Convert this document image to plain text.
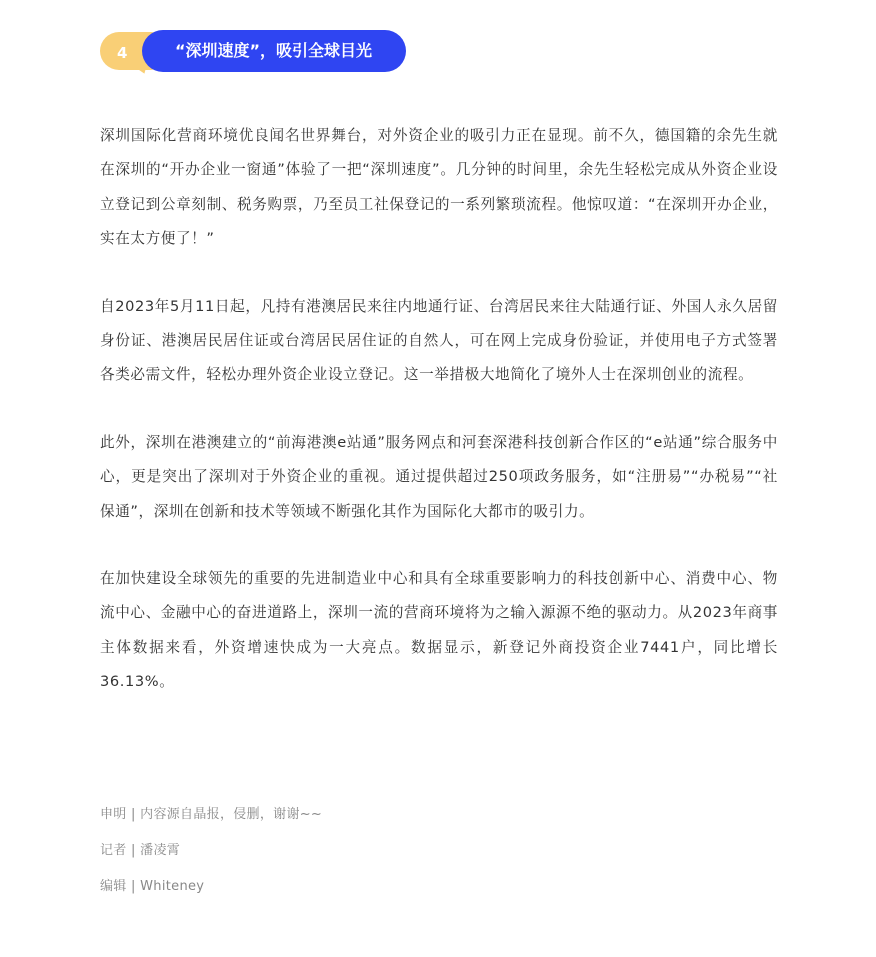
4	“深圳速度”，吸引全球目光

深圳国际化营商环境优良闻名世界舞台，对外资企业的吸引力正在显现。前不久，德国籍的余先生就在深圳的“开办企业一窗通”体验了一把“深圳速度”。几分钟的时间里，余先生轻松完成从外资企业设立登记到公章刻制、税务购票，乃至员工社保登记的一系列繁琐流程。他惊叹道：“在深圳开办企业，实在太方便了！”

自2023年5月11日起，凡持有港澳居民来往内地通行证、台湾居民来往大陆通行证、外国人永久居留身份证、港澳居民居住证或台湾居民居住证的自然人，可在网上完成身份验证，并使用电子方式签署各类必需文件，轻松办理外资企业设立登记。这一举措极大地简化了境外人士在深圳创业的流程。

此外，深圳在港澳建立的“前海港澳e站通”服务网点和河套深港科技创新合作区的“e站通”综合服务中心，更是突出了深圳对于外资企业的重视。通过提供超过250项政务服务，如“注册易”“办税易”“社保通”，深圳在创新和技术等领域不断强化其作为国际化大都市的吸引力。

在加快建设全球领先的重要的先进制造业中心和具有全球重要影响力的科技创新中心、消费中心、物流中心、金融中心的奋进道路上，深圳一流的营商环境将为之输入源源不绝的驱动力。从2023年商事主体数据来看，外资增速快成为一大亮点。数据显示，新登记外商投资企业7441户，同比增长36.13%。

申明 | 内容源自晶报，侵删，谢谢~~
记者 | 潘凌霄
编辑 | Whiteney
